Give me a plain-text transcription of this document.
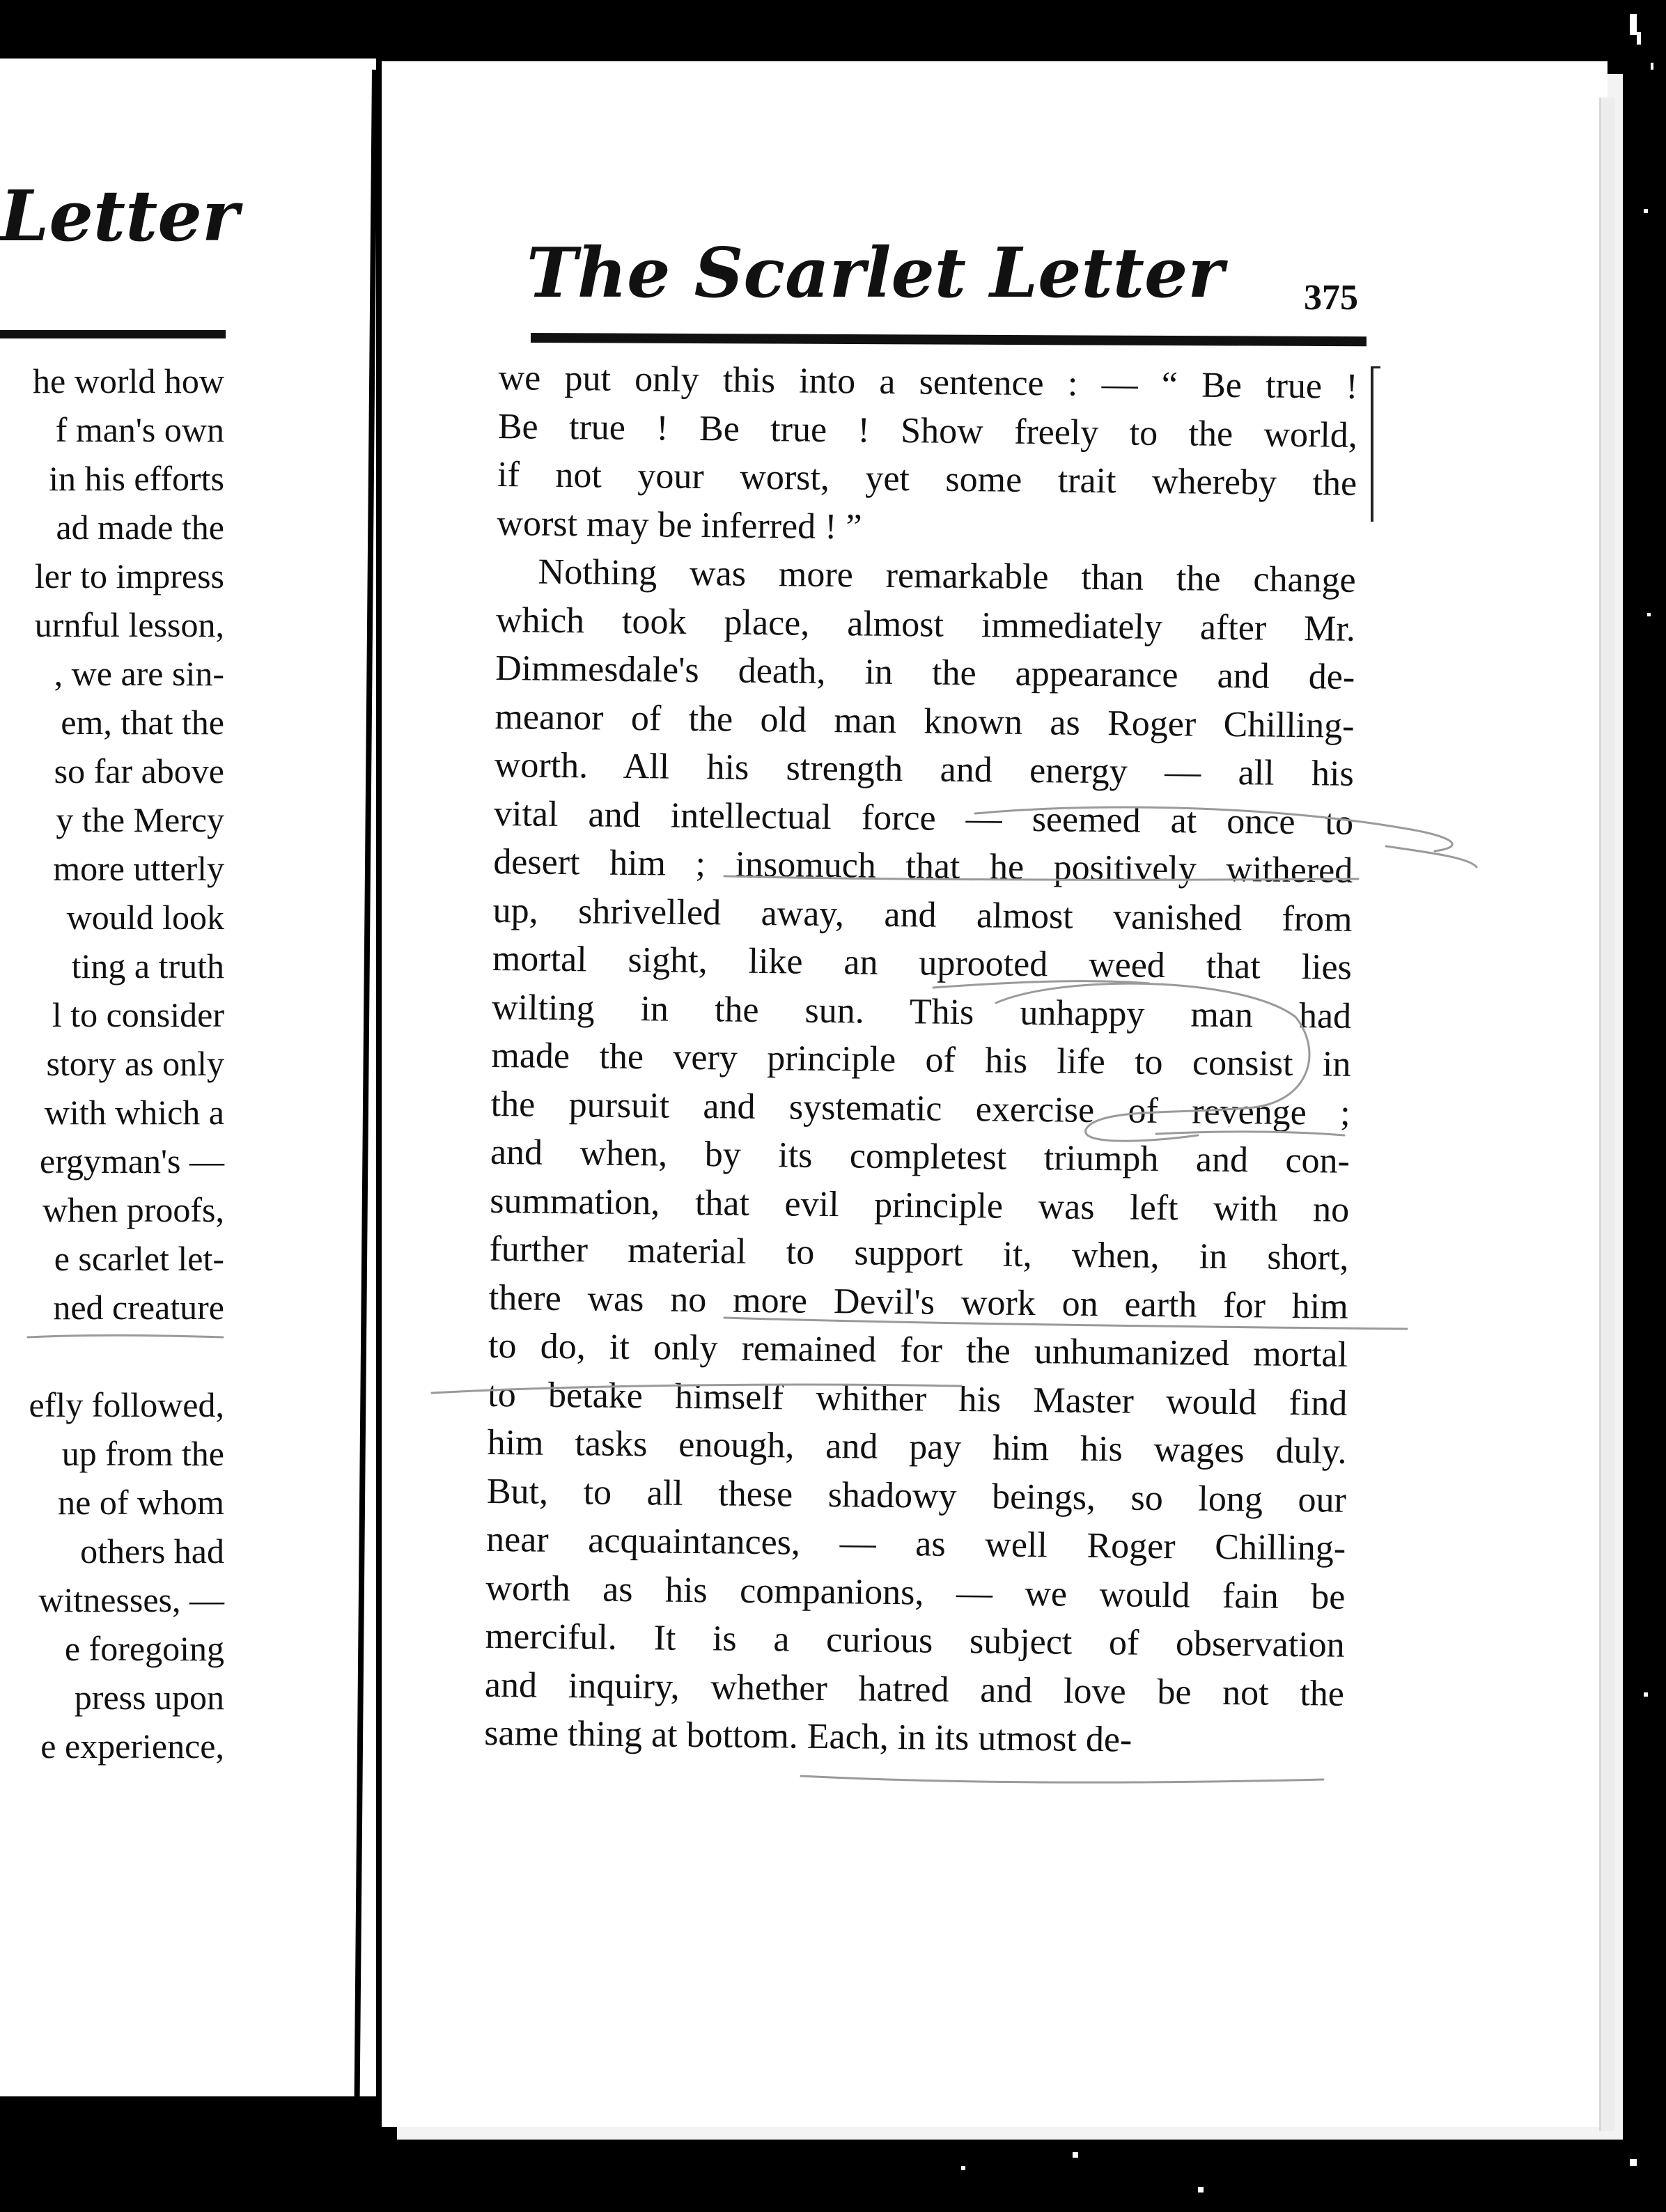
Letter
he world how
f man's own
in his efforts
ad made the
ler to impress
urnful lesson,
, we are sin-
em, that the
so far above
y the Mercy
more utterly
would look
ting a truth
l to consider
story as only
with which a
ergyman's —
when proofs,
e scarlet let-
ned creature
efly followed,
up from the
ne of whom
others had
witnesses, —
e foregoing
press upon
e experience,
The Scarlet Letter	375
we put only this into a sentence : — “ Be true !
Be true ! Be true ! Show freely to the world,
if not your worst, yet some trait whereby the
worst may be inferred ! ”
Nothing was more remarkable than the change
which took place, almost immediately after Mr.
Dimmesdale's death, in the appearance and de-
meanor of the old man known as Roger Chilling-
worth. All his strength and energy — all his
vital and intellectual force — seemed at once to
desert him ; insomuch that he positively withered
up, shrivelled away, and almost vanished from
mortal sight, like an uprooted weed that lies
wilting in the sun. This unhappy man had
made the very principle of his life to consist in
the pursuit and systematic exercise of revenge ;
and when, by its completest triumph and con-
summation, that evil principle was left with no
further material to support it, when, in short,
there was no more Devil's work on earth for him
to do, it only remained for the unhumanized mortal
to betake himself whither his Master would find
him tasks enough, and pay him his wages duly.
But, to all these shadowy beings, so long our
near acquaintances, — as well Roger Chilling-
worth as his companions, — we would fain be
merciful. It is a curious subject of observation
and inquiry, whether hatred and love be not the
same thing at bottom. Each, in its utmost de-
